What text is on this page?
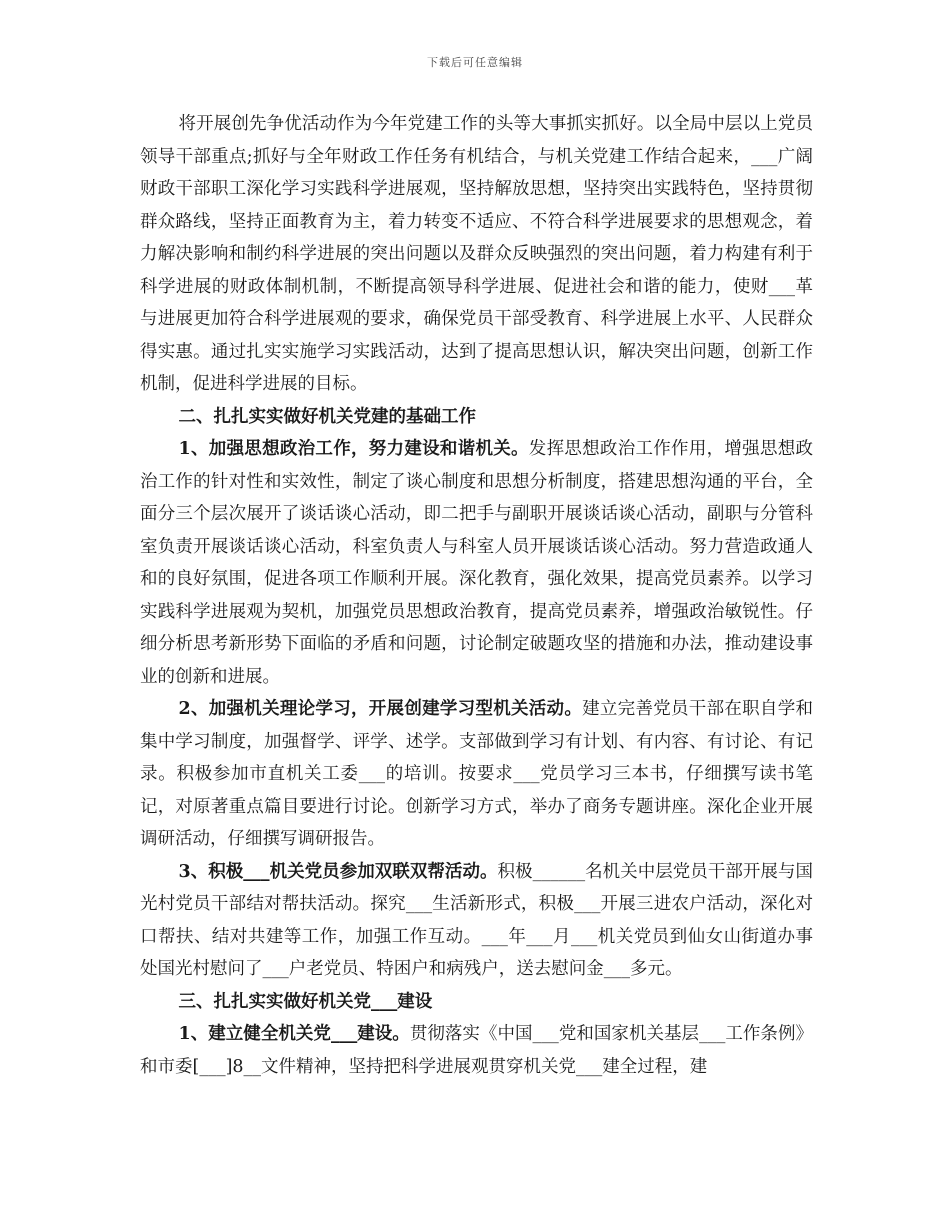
下载后可任意编辑

将开展创先争优活动作为今年党建工作的头等大事抓实抓好。以全局中层以上党员领导干部重点;抓好与全年财政工作任务有机结合，与机关党建工作结合起来，___广阔财政干部职工深化学习实践科学进展观，坚持解放思想，坚持突出实践特色，坚持贯彻群众路线，坚持正面教育为主，着力转变不适应、不符合科学进展要求的思想观念，着力解决影响和制约科学进展的突出问题以及群众反映强烈的突出问题，着力构建有利于科学进展的财政体制机制，不断提高领导科学进展、促进社会和谐的能力，使财___革与进展更加符合科学进展观的要求，确保党员干部受教育、科学进展上水平、人民群众得实惠。通过扎实实施学习实践活动，达到了提高思想认识，解决突出问题，创新工作机制，促进科学进展的目标。

二、扎扎实实做好机关党建的基础工作

1、加强思想政治工作，努力建设和谐机关。发挥思想政治工作作用，增强思想政治工作的针对性和实效性，制定了谈心制度和思想分析制度，搭建思想沟通的平台，全面分三个层次展开了谈话谈心活动，即二把手与副职开展谈话谈心活动，副职与分管科室负责开展谈话谈心活动，科室负责人与科室人员开展谈话谈心活动。努力营造政通人和的良好氛围，促进各项工作顺利开展。深化教育，强化效果，提高党员素养。以学习实践科学进展观为契机，加强党员思想政治教育，提高党员素养，增强政治敏锐性。仔细分析思考新形势下面临的矛盾和问题，讨论制定破题攻坚的措施和办法，推动建设事业的创新和进展。

2、加强机关理论学习，开展创建学习型机关活动。建立完善党员干部在职自学和集中学习制度，加强督学、评学、述学。支部做到学习有计划、有内容、有讨论、有记录。积极参加市直机关工委___的培训。按要求___党员学习三本书，仔细撰写读书笔记，对原著重点篇目要进行讨论。创新学习方式，举办了商务专题讲座。深化企业开展调研活动，仔细撰写调研报告。

3、积极___机关党员参加双联双帮活动。积极______名机关中层党员干部开展与国光村党员干部结对帮扶活动。探究___生活新形式，积极___开展三进农户活动，深化对口帮扶、结对共建等工作，加强工作互动。___年___月___机关党员到仙女山街道办事处国光村慰问了___户老党员、特困户和病残户，送去慰问金___多元。

三、扎扎实实做好机关党___建设

1、建立健全机关党___建设。贯彻落实《中国___党和国家机关基层___工作条例》和市委[___]8__文件精神，坚持把科学进展观贯穿机关党___建全过程，建
